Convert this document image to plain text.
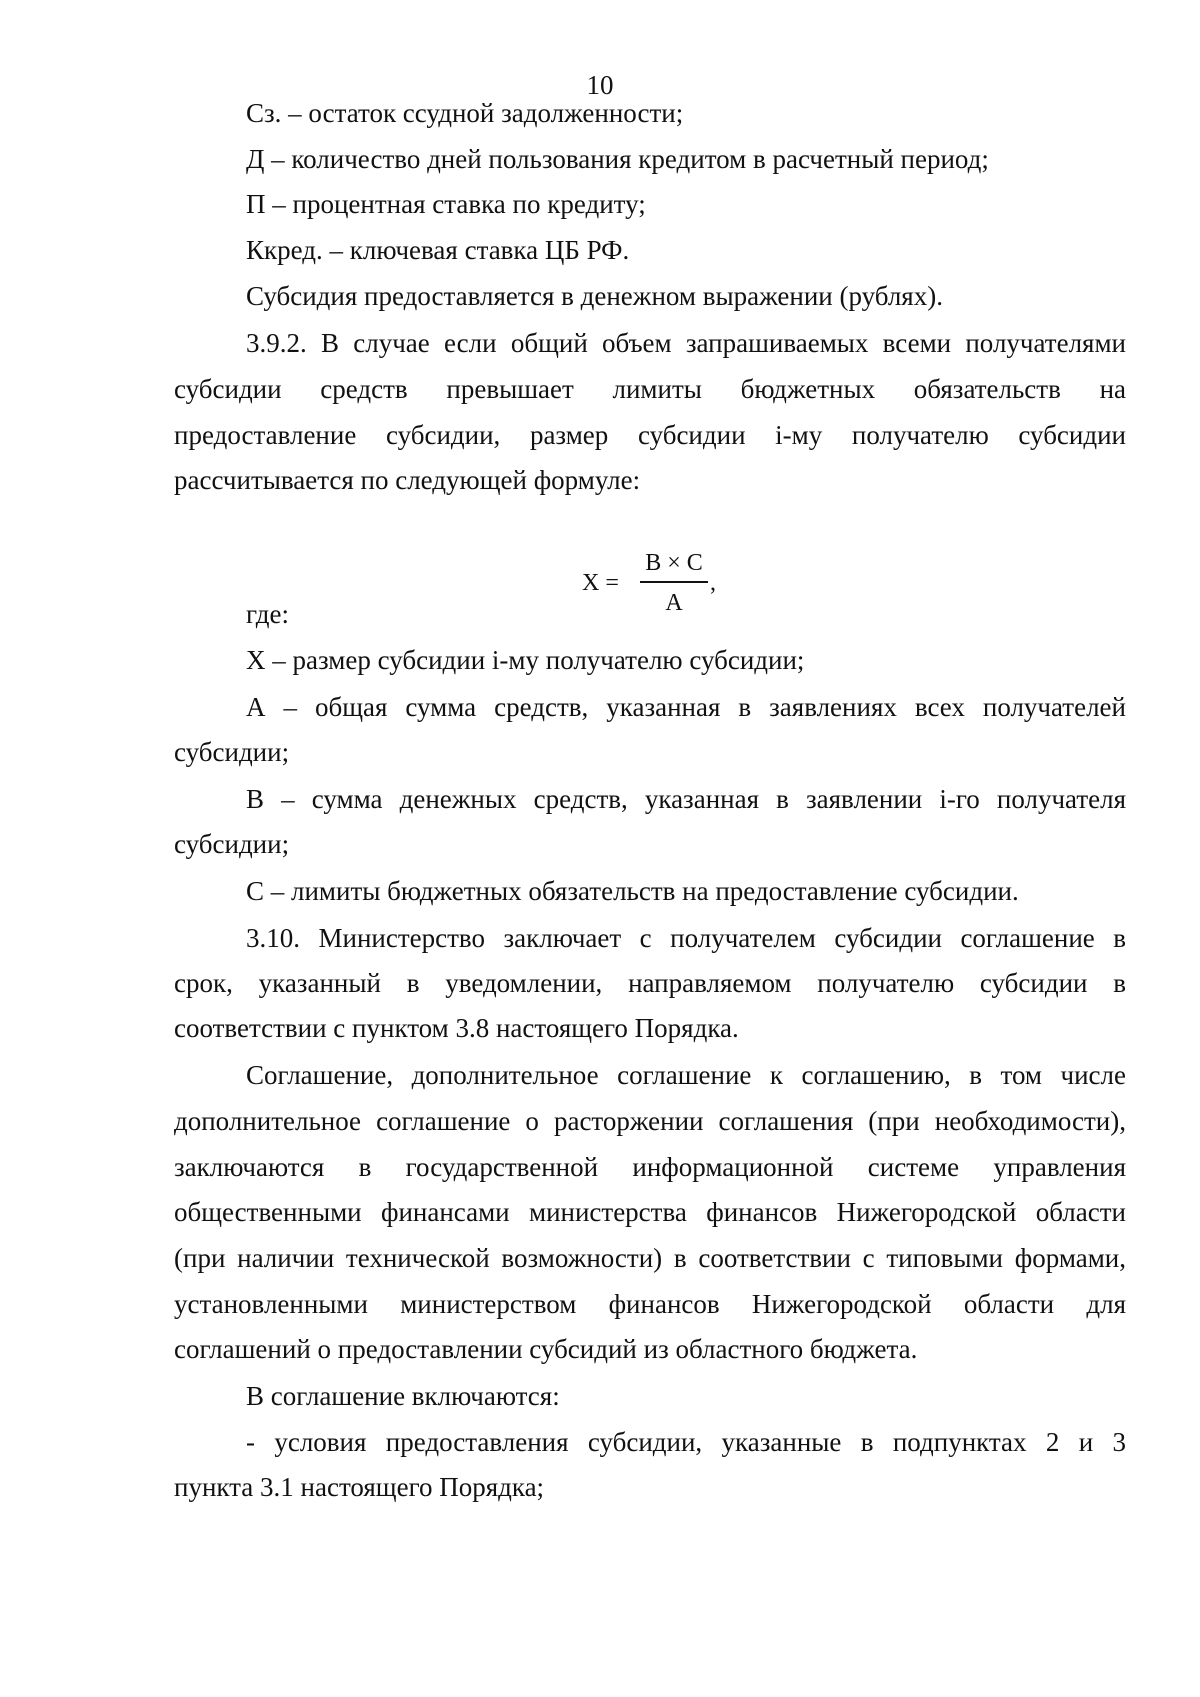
10
Сз. – остаток ссудной задолженности;
Д – количество дней пользования кредитом в расчетный период;
П – процентная ставка по кредиту;
Ккред. – ключевая ставка ЦБ РФ.
Субсидия предоставляется в денежном выражении (рублях).
3.9.2. В случае если общий объем запрашиваемых всеми получателями
субсидии средств превышает лимиты бюджетных обязательств на
предоставление субсидии, размер субсидии i-му получателю субсидии
рассчитывается по следующей формуле:
где:
X – размер субсидии i-му получателю субсидии;
А – общая сумма средств, указанная в заявлениях всех получателей
субсидии;
В – сумма денежных средств, указанная в заявлении i-го получателя
субсидии;
С – лимиты бюджетных обязательств на предоставление субсидии.
3.10. Министерство заключает с получателем субсидии соглашение в
срок, указанный в уведомлении, направляемом получателю субсидии в
соответствии с пунктом 3.8 настоящего Порядка.
Соглашение, дополнительное соглашение к соглашению, в том числе
дополнительное соглашение о расторжении соглашения (при необходимости),
заключаются в государственной информационной системе управления
общественными финансами министерства финансов Нижегородской области
(при наличии технической возможности) в соответствии с типовыми формами,
установленными министерством финансов Нижегородской области для
соглашений о предоставлении субсидий из областного бюджета.
В соглашение включаются:
- условия предоставления субсидии, указанные в подпунктах 2 и 3
пункта 3.1 настоящего Порядка;
X =
B × C
A
,
